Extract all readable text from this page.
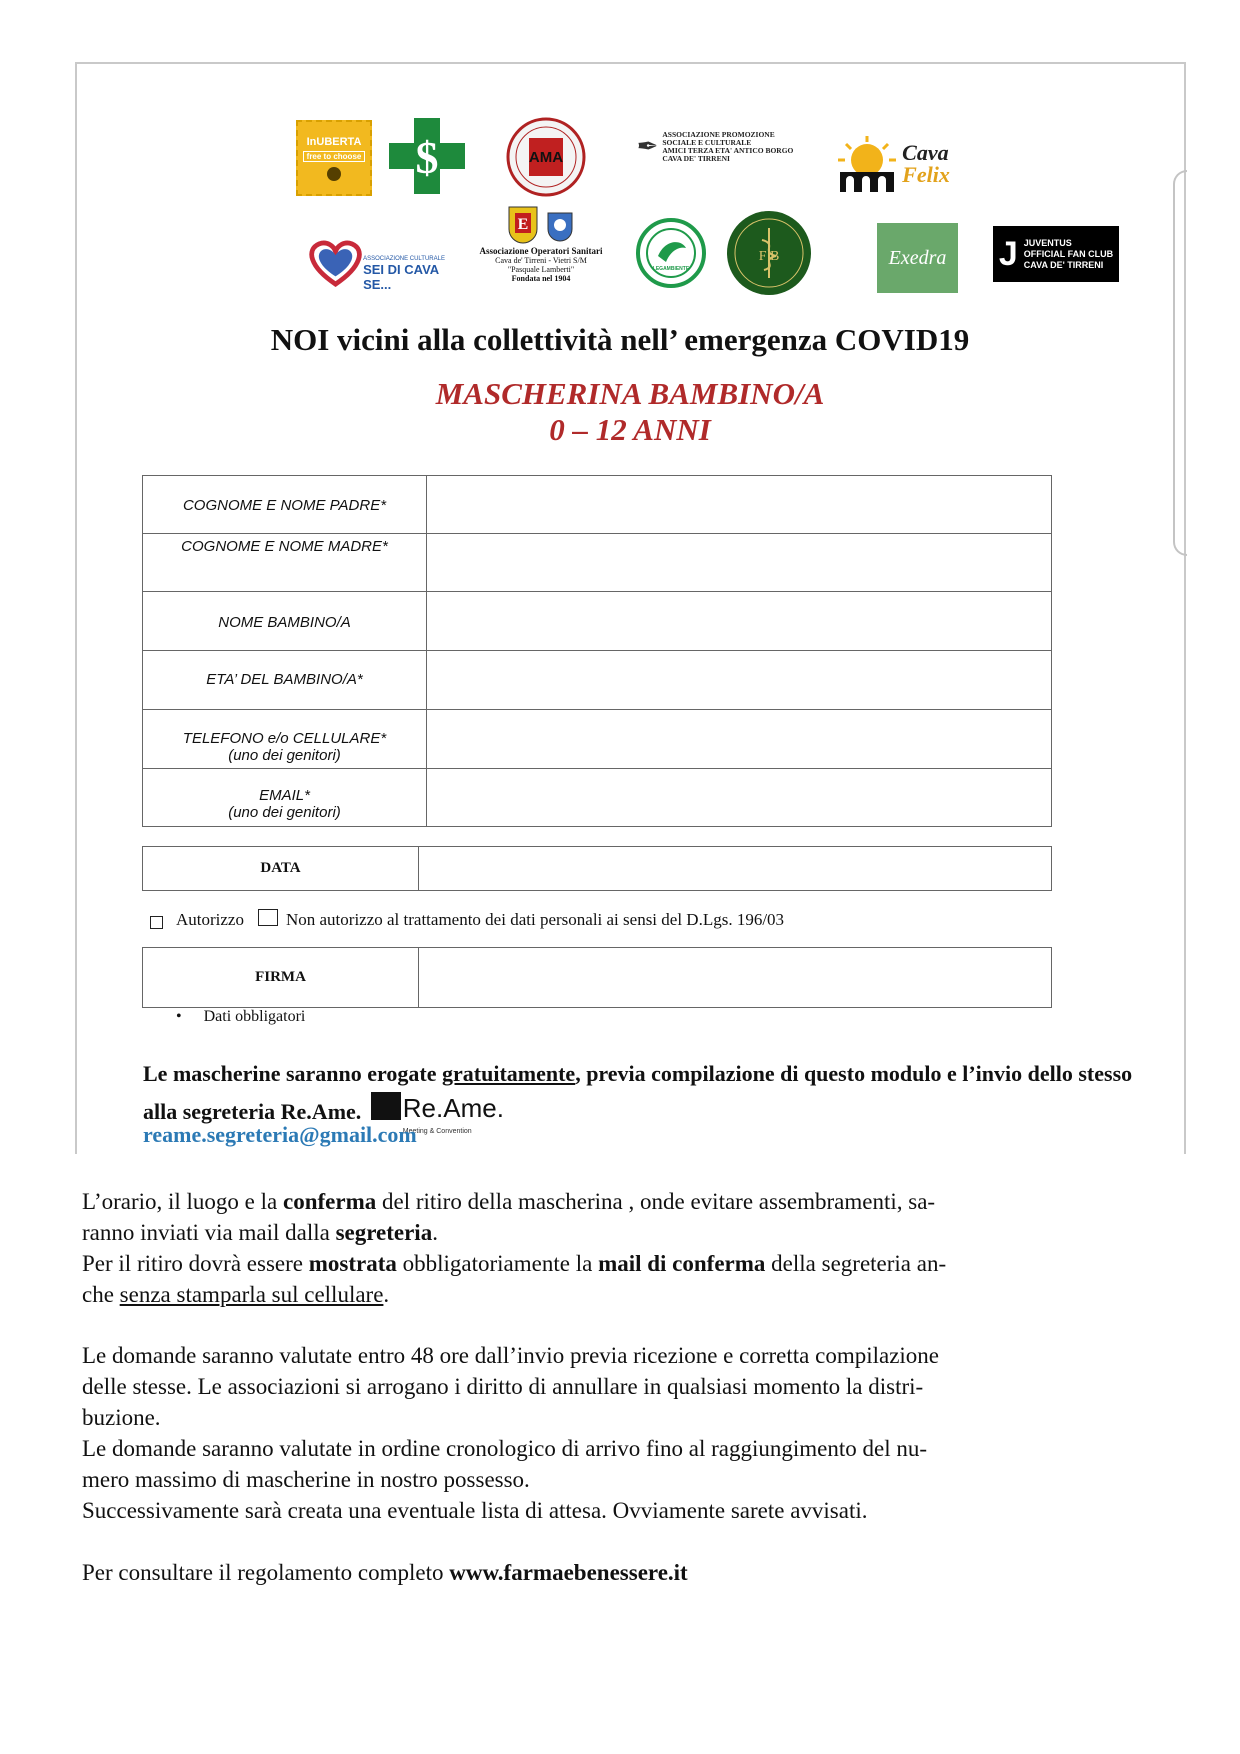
InUBERTA
free to choose $	AMA	✒ ASSOCIAZIONE PROMOZIONE
SOCIALE E CULTURALE
AMICI TERZA ETA' ANTICO BORGO
CAVA DE' TIRRENI	Cava
Felix
ASSOCIAZIONE CULTURALE
SEI DI CAVA SE...
E
Associazione Operatori Sanitari
Cava de' Tirreni - Vietri S/M
"Pasquale Lamberti"
Fondata nel 1904
LEGAMBIENTE
F B	Exedra J JUVENTUS
OFFICIAL FAN CLUB
CAVA DE' TIRRENI
NOI vicini alla collettività nell’ emergenza COVID19
MASCHERINA BAMBINO/A
0 – 12 ANNI
COGNOME E NOME PADRE*
COGNOME E NOME MADRE*
NOME BAMBINO/A
ETA’ DEL BAMBINO/A*
TELEFONO e/o CELLULARE*
(uno dei genitori)
EMAIL*
(uno dei genitori)
DATA
Autorizzo Non autorizzo al trattamento dei dati personali ai sensi del D.Lgs. 196/03
FIRMA
• Dati obbligatori
Le mascherine saranno erogate gratuitamente, previa compilazione di questo modulo e l’invio dello stesso alla segreteria Re.Ame. Re.Ame.
Meeting & Convention
reame.segreteria@gmail.com
L’orario, il luogo e la conferma del ritiro della mascherina , onde evitare assembramenti, sa-
ranno inviati via mail dalla segreteria.
Per il ritiro dovrà essere mostrata obbligatoriamente la mail di conferma della segreteria an-
che senza stamparla sul cellulare.
Le domande saranno valutate entro 48 ore dall’invio previa ricezione e corretta compilazione
delle stesse. Le associazioni si arrogano i diritto di annullare in qualsiasi momento la distri-
buzione.
Le domande saranno valutate in ordine cronologico di arrivo fino al raggiungimento del nu-
mero massimo di mascherine in nostro possesso.
Successivamente sarà creata una eventuale lista di attesa. Ovviamente sarete avvisati.
Per consultare il regolamento completo www.farmaebenessere.it
